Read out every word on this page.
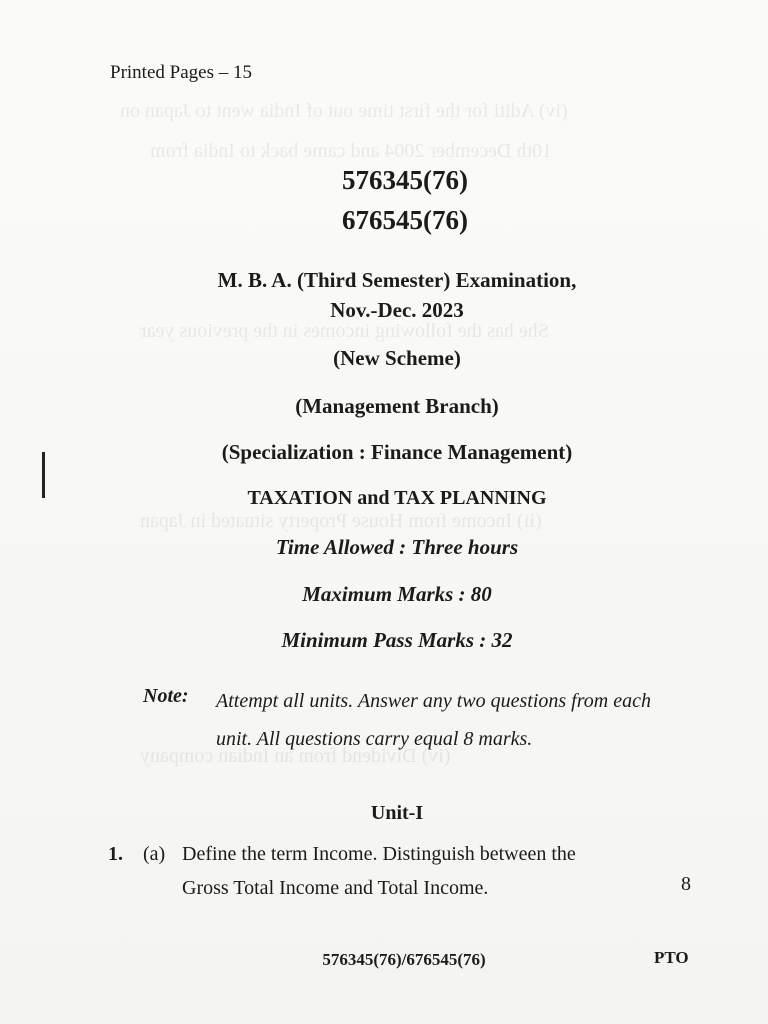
(iv) Aditi for the first time out of India went to Japan on
10th December 2004 and came back to India from
She has the following incomes in the previous year
(ii) Income from House Property situated in Japan
(iv) Dividend from an Indian company
Printed Pages – 15
576345(76)
676545(76)
M. B. A. (Third Semester) Examination,
Nov.-Dec. 2023
(New Scheme)
(Management Branch)
(Specialization : Finance Management)
TAXATION and TAX PLANNING
Time Allowed : Three hours
Maximum Marks : 80
Minimum Pass Marks : 32
Note: Attempt all units. Answer any two questions from each unit. All questions carry equal 8 marks.
Unit-I
1. (a) Define the term Income. Distinguish between the
Gross Total Income and Total Income.	8
576345(76)/676545(76)	PTO
